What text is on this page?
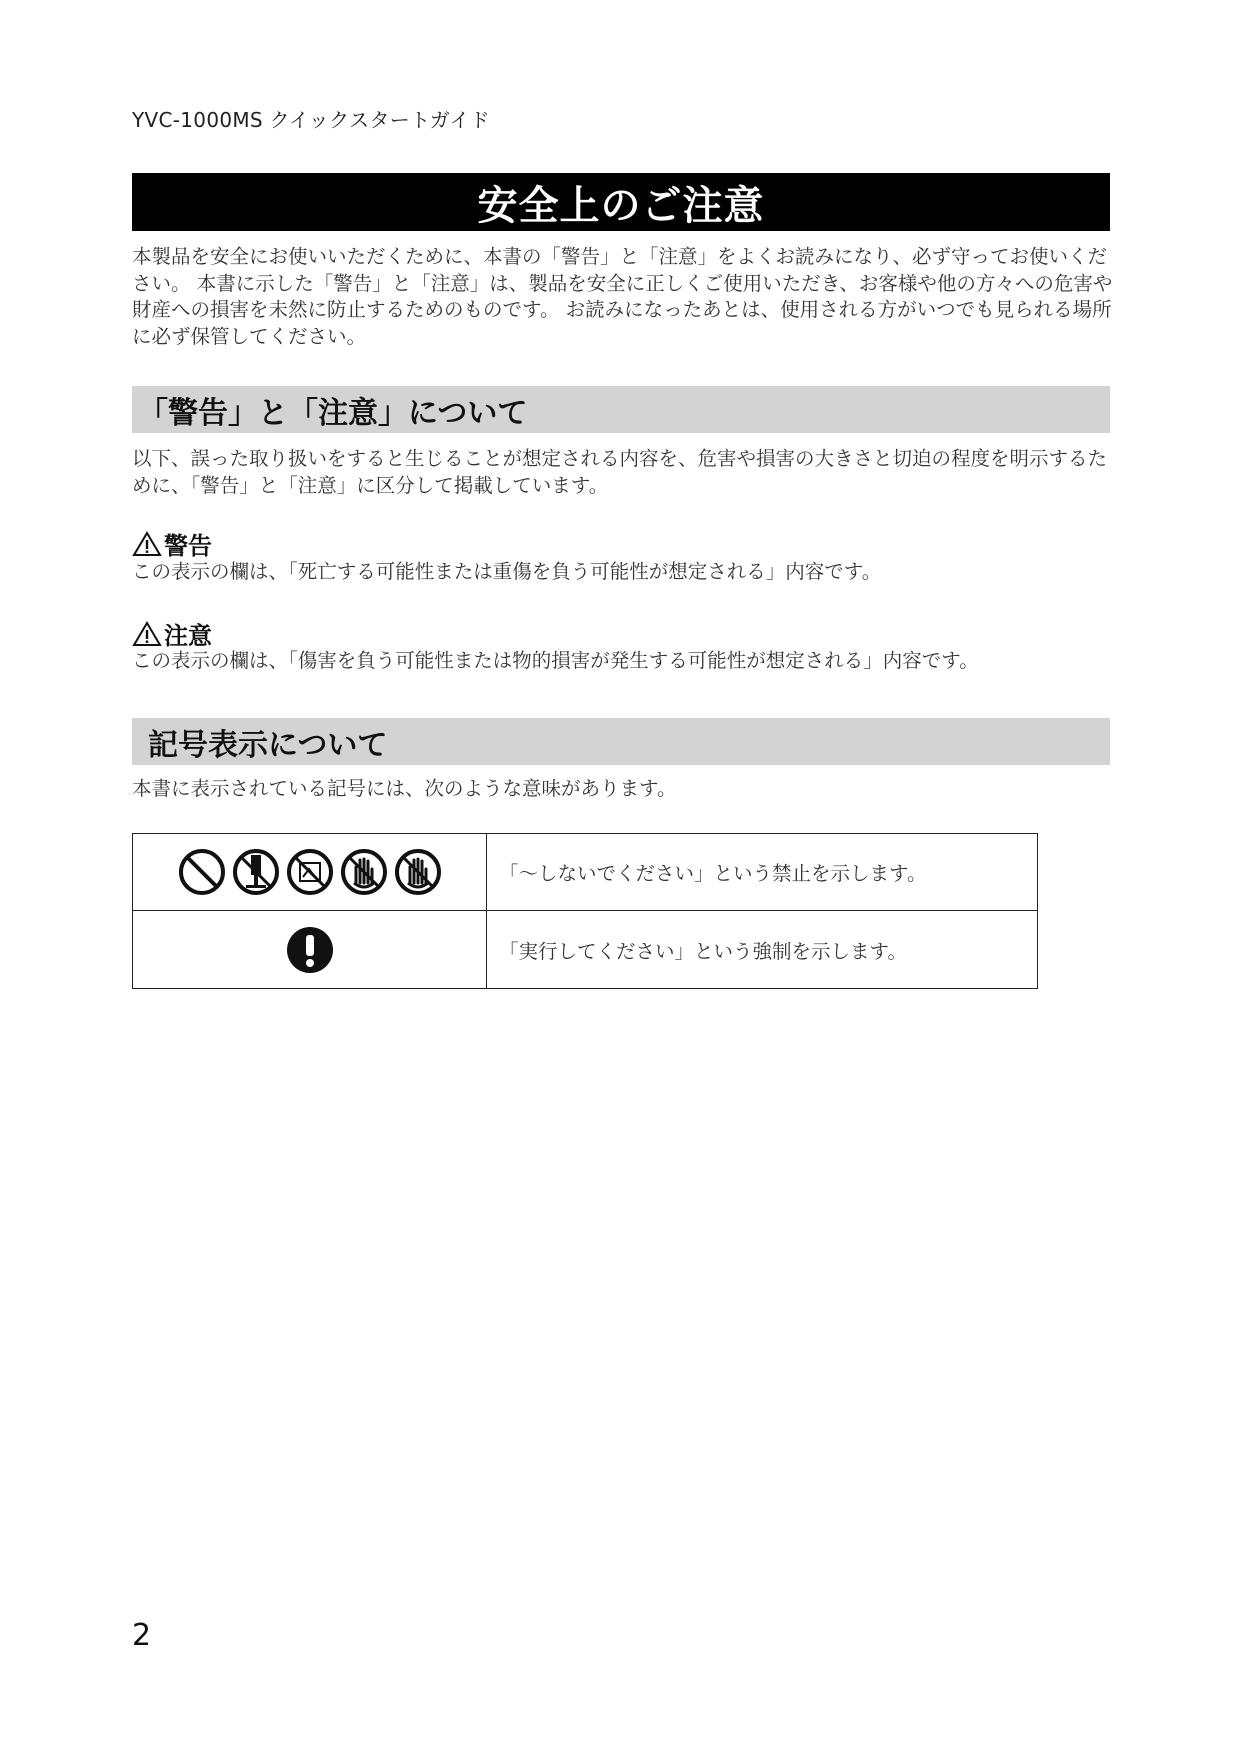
YVC-1000MS クイックスタートガイド
安全上のご注意

本製品を安全にお使いいただくために、本書の「警告」と「注意」をよくお読みになり、必ず守ってお使いくだ

さい。 本書に示した「警告」と「注意」は、製品を安全に正しくご使用いただき、お客様や他の方々への危害や

財産への損害を未然に防止するためのものです。 お読みになったあとは、使用される方がいつでも見られる場所

に必ず保管してください。

「警告」と「注意」について

以下、誤った取り扱いをすると生じることが想定される内容を、危害や損害の大きさと切迫の程度を明示するた

めに、「警告」と「注意」に区分して掲載しています。

警告

この表示の欄は、「死亡する可能性または重傷を負う可能性が想定される」内容です。

注意

この表示の欄は、「傷害を負う可能性または物的損害が発生する可能性が想定される」内容です。

記号表示について

本書に表示されている記号には、次のような意味があります。

「～しないでください」という禁止を示します。
「実行してください」という強制を示します。
2
